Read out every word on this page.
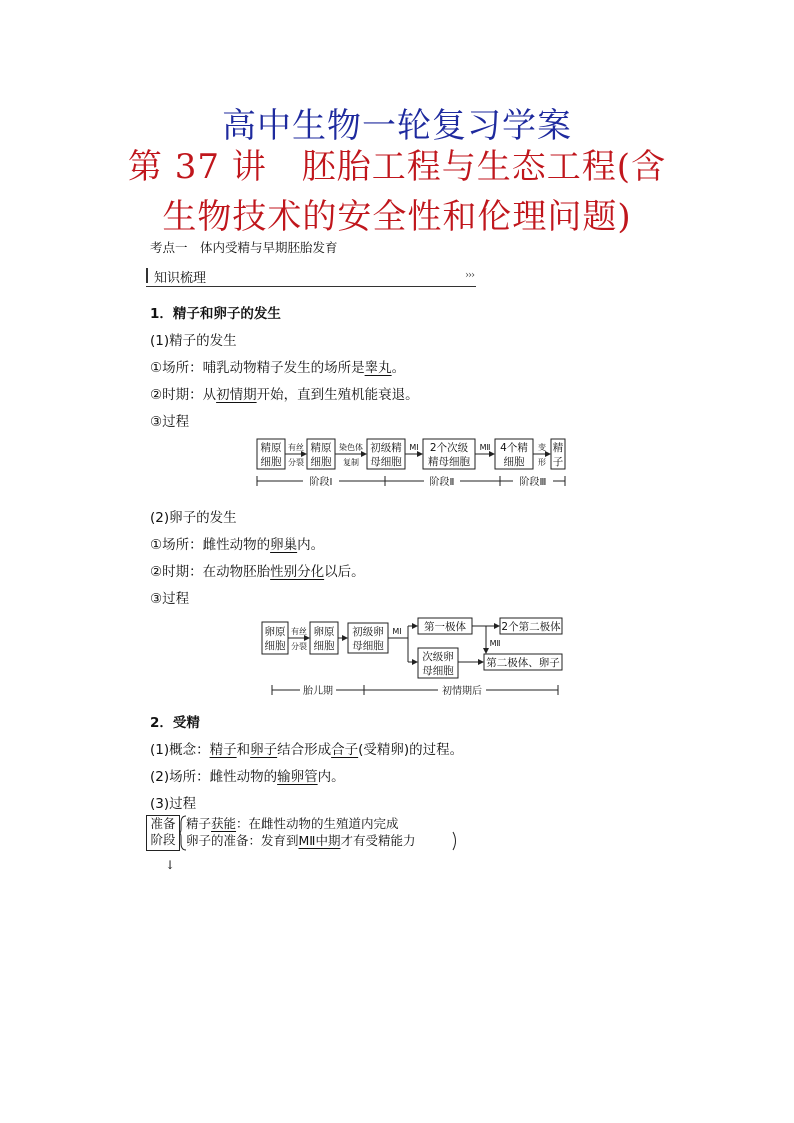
高中生物一轮复习学案
第 37 讲　胚胎工程与生态工程(含
生物技术的安全性和伦理问题)
考点一　体内受精与早期胚胎发育
知识梳理	›››
1．精子和卵子的发生
(1)精子的发生
①场所：哺乳动物精子发生的场所是睾丸。
②时期：从初情期开始，直到生殖机能衰退。
③过程
精原
细胞
有丝
分裂
精原
细胞
染色体
复制
初级精
母细胞
MⅠ 2个次级
精母细胞
MⅡ 4个精
细胞
变
形
精
子
阶段Ⅰ	阶段Ⅱ	阶段Ⅲ
(2)卵子的发生
①场所：雌性动物的卵巢内。
②时期：在动物胚胎性别分化以后。
③过程
卵原
细胞
有丝
分裂
卵原
细胞
初级卵
母细胞
MⅠ 第一极体	2个第二极体
次级卵
母细胞
MⅡ
第二极体、卵子
胎儿期	初情期后
2．受精
(1)概念：精子和卵子结合形成合子(受精卵)的过程。
(2)场所：雌性动物的输卵管内。
(3)过程
准备
阶段
精子获能：在雌性动物的生殖道内完成
卵子的准备：发育到MⅡ中期才有受精能力
↓
